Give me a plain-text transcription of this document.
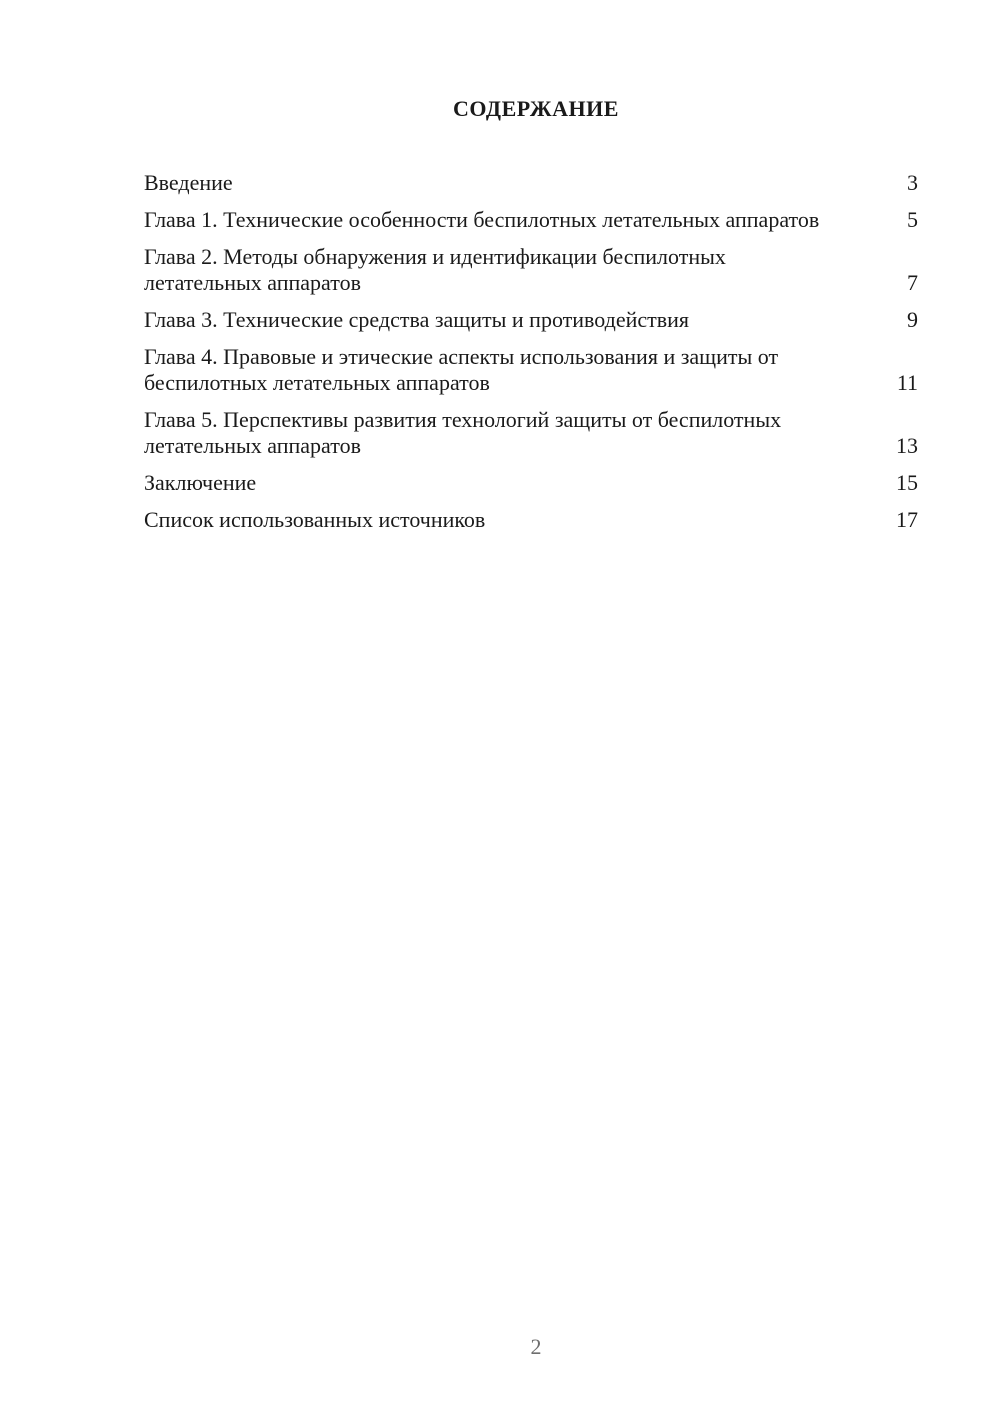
СОДЕРЖАНИЕ
Введение	3
Глава 1. Технические особенности беспилотных летательных аппаратов	5
Глава 2. Методы обнаружения и идентификации беспилотных летательных аппаратов	7
Глава 3. Технические средства защиты и противодействия	9
Глава 4. Правовые и этические аспекты использования и защиты от беспилотных летательных аппаратов	11
Глава 5. Перспективы развития технологий защиты от беспилотных летательных аппаратов	13
Заключение	15
Список использованных источников	17
2
